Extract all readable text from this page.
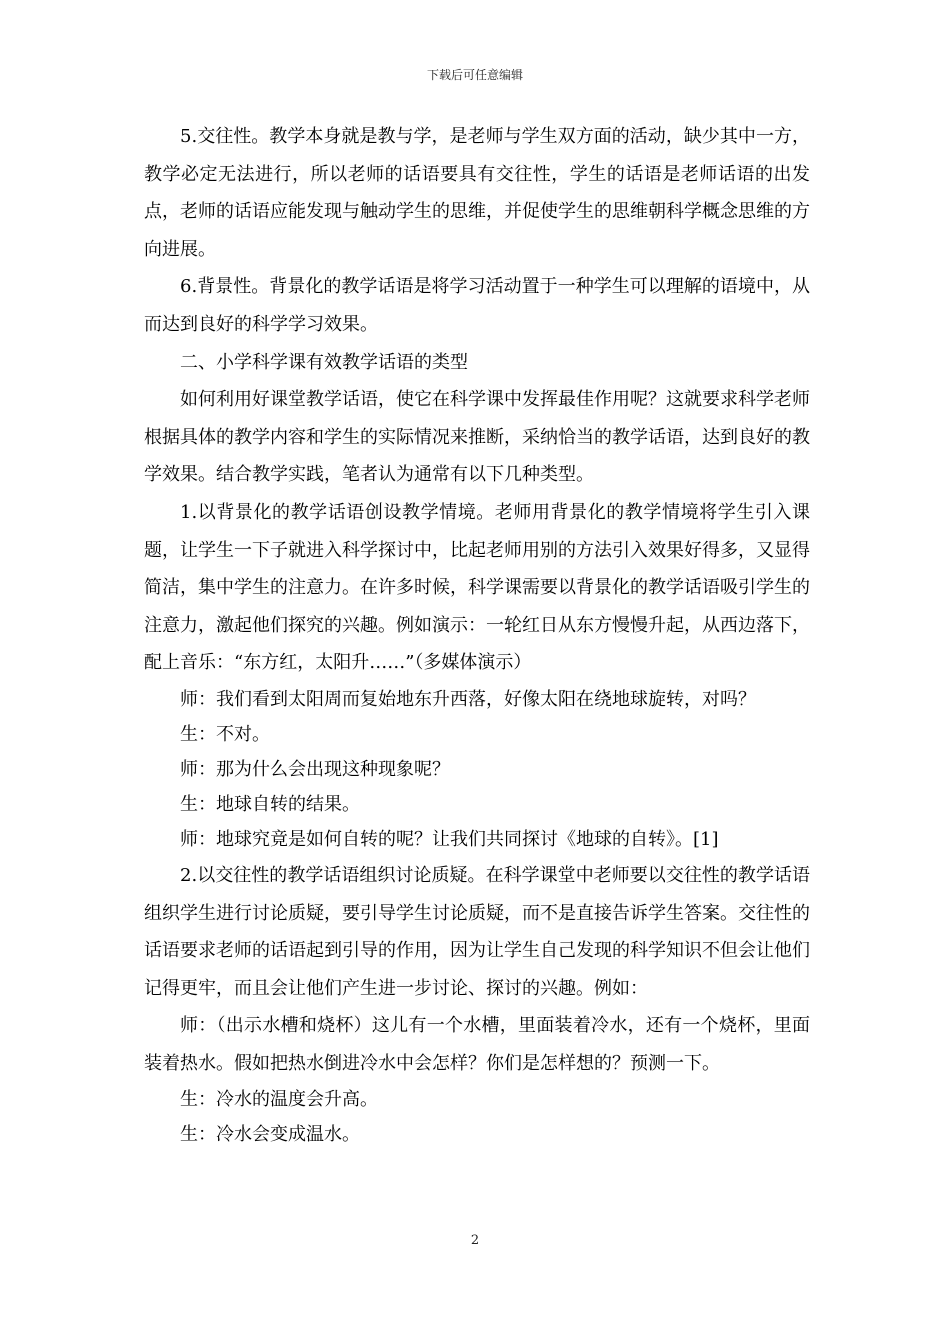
下载后可任意编辑

5.交往性。教学本身就是教与学，是老师与学生双方面的活动，缺少其中一方，教学必定无法进行，所以老师的话语要具有交往性，学生的话语是老师话语的出发点，老师的话语应能发现与触动学生的思维，并促使学生的思维朝科学概念思维的方向进展。

6.背景性。背景化的教学话语是将学习活动置于一种学生可以理解的语境中，从而达到良好的科学学习效果。

二、小学科学课有效教学话语的类型

如何利用好课堂教学话语，使它在科学课中发挥最佳作用呢？这就要求科学老师根据具体的教学内容和学生的实际情况来推断，采纳恰当的教学话语，达到良好的教学效果。结合教学实践，笔者认为通常有以下几种类型。

1.以背景化的教学话语创设教学情境。老师用背景化的教学情境将学生引入课题，让学生一下子就进入科学探讨中，比起老师用别的方法引入效果好得多，又显得简洁，集中学生的注意力。在许多时候，科学课需要以背景化的教学话语吸引学生的注意力，激起他们探究的兴趣。例如演示：一轮红日从东方慢慢升起，从西边落下，配上音乐：“东方红，太阳升……”（多媒体演示）

师：我们看到太阳周而复始地东升西落，好像太阳在绕地球旋转，对吗？

生：不对。

师：那为什么会出现这种现象呢？

生：地球自转的结果。

师：地球究竟是如何自转的呢？让我们共同探讨《地球的自转》。[1]

2.以交往性的教学话语组织讨论质疑。在科学课堂中老师要以交往性的教学话语组织学生进行讨论质疑，要引导学生讨论质疑，而不是直接告诉学生答案。交往性的话语要求老师的话语起到引导的作用，因为让学生自己发现的科学知识不但会让他们记得更牢，而且会让他们产生进一步讨论、探讨的兴趣。例如：

师：（出示水槽和烧杯）这儿有一个水槽，里面装着冷水，还有一个烧杯，里面装着热水。假如把热水倒进冷水中会怎样？你们是怎样想的？预测一下。

生：冷水的温度会升高。

生：冷水会变成温水。

2
